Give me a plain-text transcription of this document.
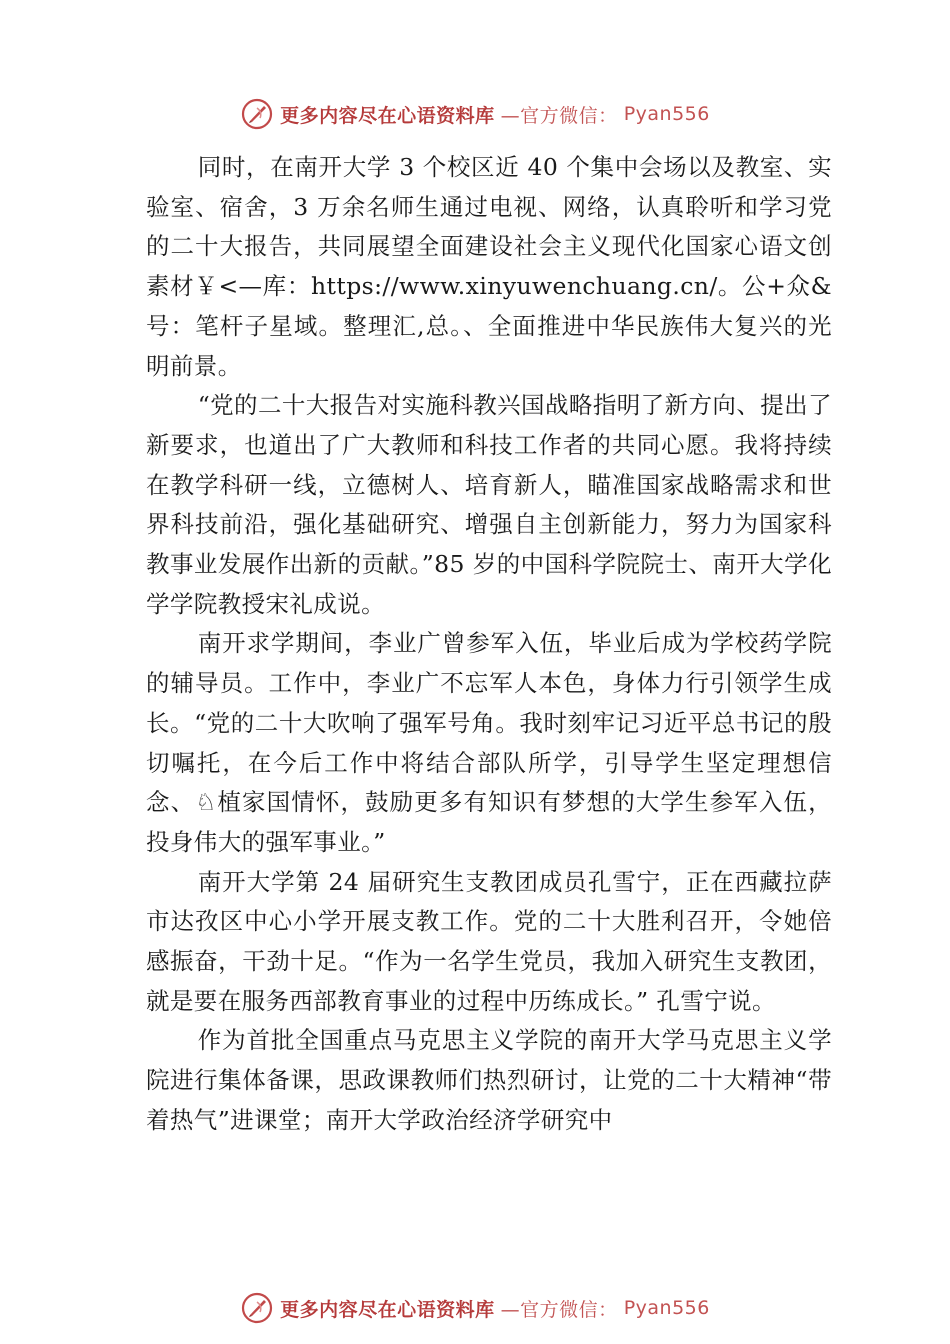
更多内容尽在心语资料库 —官方微信： Pyan556

同时，在南开大学 3 个校区近 40 个集中会场以及教室、实验室、宿舍，3 万余名师生通过电视、网络，认真聆听和学习党的二十大报告，共同展望全面建设社会主义现代化国家心语文创素材￥<—库：https://www.xinyuwenchuang.cn/。公+众&号：笔杆子星域。整理汇,总。、全面推进中华民族伟大复兴的光明前景。

“党的二十大报告对实施科教兴国战略指明了新方向、提出了新要求，也道出了广大教师和科技工作者的共同心愿。我将持续在教学科研一线，立德树人、培育新人，瞄准国家战略需求和世界科技前沿，强化基础研究、增强自主创新能力，努力为国家科教事业发展作出新的贡献。”85 岁的中国科学院院士、南开大学化学学院教授宋礼成说。

南开求学期间，李业广曾参军入伍，毕业后成为学校药学院的辅导员。工作中，李业广不忘军人本色，身体力行引领学生成长。“党的二十大吹响了强军号角。我时刻牢记习近平总书记的殷切嘱托，在今后工作中将结合部队所学，引导学生坚定理想信念、♘植家国情怀，鼓励更多有知识有梦想的大学生参军入伍，投身伟大的强军事业。”

南开大学第 24 届研究生支教团成员孔雪宁，正在西藏拉萨市达孜区中心小学开展支教工作。党的二十大胜利召开，令她倍感振奋，干劲十足。“作为一名学生党员，我加入研究生支教团，就是要在服务西部教育事业的过程中历练成长。” 孔雪宁说。

作为首批全国重点马克思主义学院的南开大学马克思主义学院进行集体备课，思政课教师们热烈研讨，让党的二十大精神“带着热气”进课堂；南开大学政治经济学研究中

更多内容尽在心语资料库 —官方微信： Pyan556
